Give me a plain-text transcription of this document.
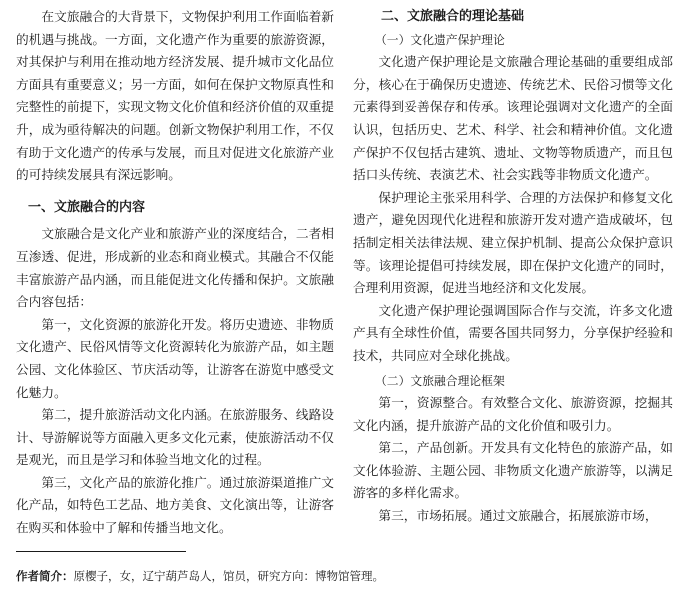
在文旅融合的大背景下，文物保护利用工作面临着新的机遇与挑战。一方面，文化遗产作为重要的旅游资源，对其保护与利用在推动地方经济发展、提升城市文化品位方面具有重要意义；另一方面，如何在保护文物原真性和完整性的前提下，实现文物文化价值和经济价值的双重提升，成为亟待解决的问题。创新文物保护利用工作，不仅有助于文化遗产的传承与发展，而且对促进文化旅游产业的可持续发展具有深远影响。

一、文旅融合的内容

文旅融合是文化产业和旅游产业的深度结合，二者相互渗透、促进，形成新的业态和商业模式。其融合不仅能丰富旅游产品内涵，而且能促进文化传播和保护。文旅融合内容包括：

第一，文化资源的旅游化开发。将历史遗迹、非物质文化遗产、民俗风情等文化资源转化为旅游产品，如主题公园、文化体验区、节庆活动等，让游客在游览中感受文化魅力。

第二，提升旅游活动文化内涵。在旅游服务、线路设计、导游解说等方面融入更多文化元素，使旅游活动不仅是观光，而且是学习和体验当地文化的过程。

第三，文化产品的旅游化推广。通过旅游渠道推广文化产品，如特色工艺品、地方美食、文化演出等，让游客在购买和体验中了解和传播当地文化。

二、文旅融合的理论基础

（一）文化遗产保护理论

文化遗产保护理论是文旅融合理论基础的重要组成部分，核心在于确保历史遗迹、传统艺术、民俗习惯等文化元素得到妥善保存和传承。该理论强调对文化遗产的全面认识，包括历史、艺术、科学、社会和精神价值。文化遗产保护不仅包括古建筑、遗址、文物等物质遗产，而且包括口头传统、表演艺术、社会实践等非物质文化遗产。

保护理论主张采用科学、合理的方法保护和修复文化遗产，避免因现代化进程和旅游开发对遗产造成破坏，包括制定相关法律法规、建立保护机制、提高公众保护意识等。该理论提倡可持续发展，即在保护文化遗产的同时，合理利用资源，促进当地经济和文化发展。

文化遗产保护理论强调国际合作与交流，许多文化遗产具有全球性价值，需要各国共同努力，分享保护经验和技术，共同应对全球化挑战。

（二）文旅融合理论框架

第一，资源整合。有效整合文化、旅游资源，挖掘其文化内涵，提升旅游产品的文化价值和吸引力。

第二，产品创新。开发具有文化特色的旅游产品，如文化体验游、主题公园、非物质文化遗产旅游等，以满足游客的多样化需求。

第三，市场拓展。通过文旅融合，拓展旅游市场，

作者简介：原樱子，女，辽宁葫芦岛人，馆员，研究方向：博物馆管理。
